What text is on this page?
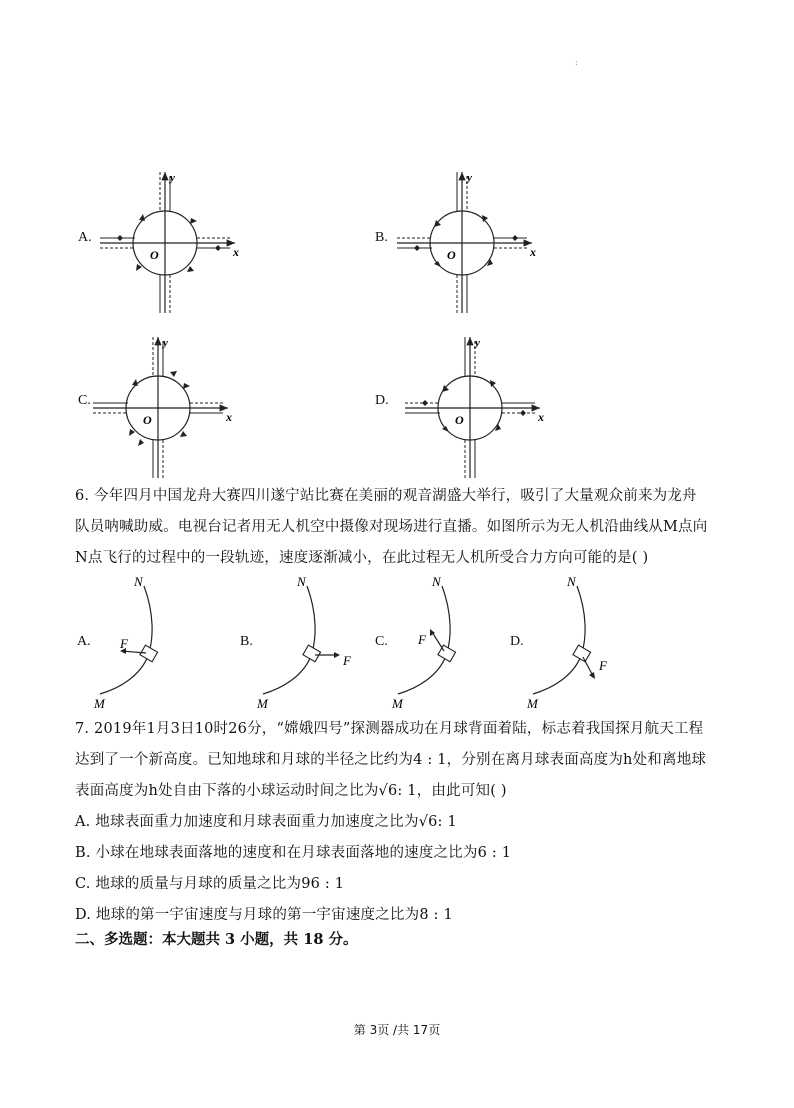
:
A.	B.
C.	D.
y
x
O
y
x
O
y
x
O
y
x
O
6. 今年四月中国龙舟大赛四川遂宁站比赛在美丽的观音湖盛大举行，吸引了大量观众前来为龙舟
队员呐喊助威。电视台记者用无人机空中摄像对现场进行直播。如图所示为无人机沿曲线从M点向
N点飞行的过程中的一段轨迹，速度逐渐减小，在此过程无人机所受合力方向可能的是( )
A.	B.	C.	D.
N
F
M
N
F
M
N
F
M
N
F
M
7. 2019年1月3日10时26分，“嫦娥四号”探测器成功在月球背面着陆，标志着我国探月航天工程
达到了一个新高度。已知地球和月球的半径之比约为4 : 1，分别在离月球表面高度为h处和离地球
表面高度为h处自由下落的小球运动时间之比为√6: 1，由此可知( )
A. 地球表面重力加速度和月球表面重力加速度之比为√6: 1
B. 小球在地球表面落地的速度和在月球表面落地的速度之比为6 : 1
C. 地球的质量与月球的质量之比为96 : 1
D. 地球的第一宇宙速度与月球的第一宇宙速度之比为8 : 1
二、多选题：本大题共 3 小题，共 18 分。
第 3页 /共 17页
